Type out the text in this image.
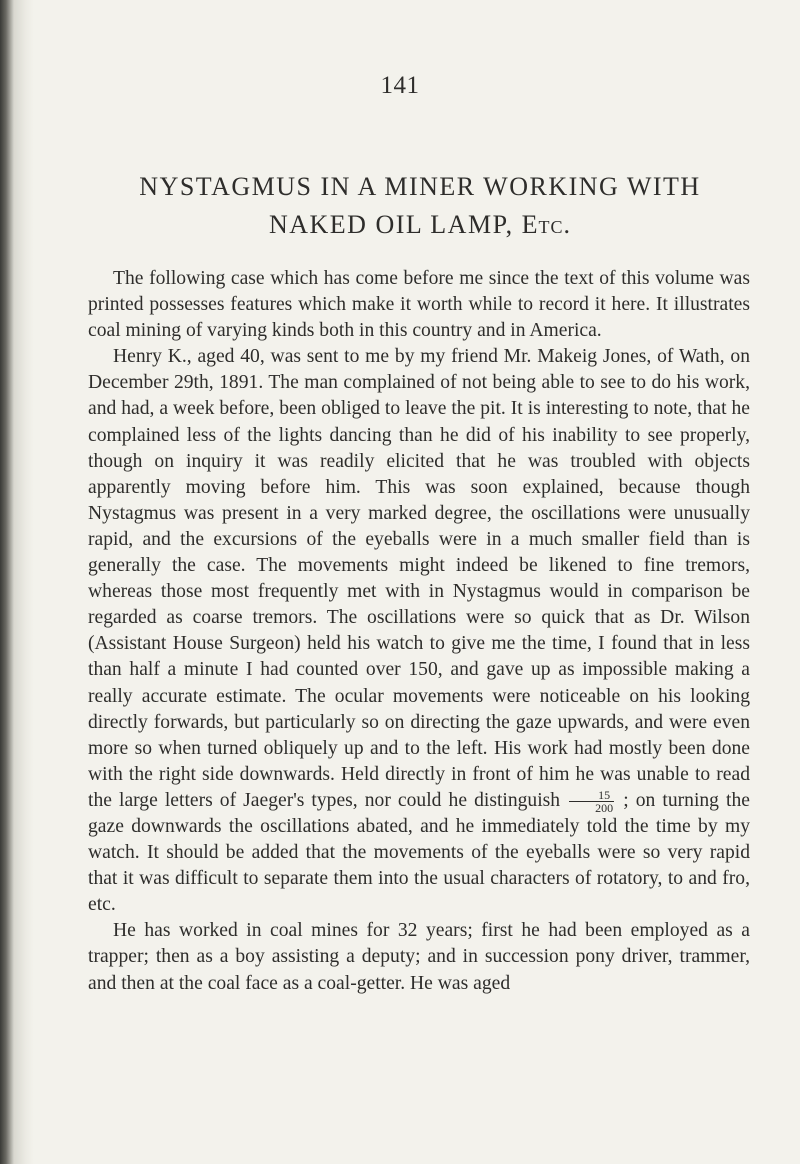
141
NYSTAGMUS IN A MINER WORKING WITH
NAKED OIL LAMP, Etc.

The following case which has come before me since the text of this volume was printed possesses features which make it worth while to record it here. It illustrates coal mining of varying kinds both in this country and in America.

Henry K., aged 40, was sent to me by my friend Mr. Makeig Jones, of Wath, on December 29th, 1891. The man complained of not being able to see to do his work, and had, a week before, been obliged to leave the pit. It is interesting to note, that he complained less of the lights dancing than he did of his inability to see properly, though on inquiry it was readily elicited that he was troubled with objects apparently moving before him. This was soon explained, because though Nystagmus was present in a very marked degree, the oscillations were unusually rapid, and the excursions of the eyeballs were in a much smaller field than is generally the case. The movements might indeed be likened to fine tremors, whereas those most frequently met with in Nystagmus would in comparison be regarded as coarse tremors. The oscillations were so quick that as Dr. Wilson (Assistant House Surgeon) held his watch to give me the time, I found that in less than half a minute I had counted over 150, and gave up as impossible making a really accurate estimate. The ocular movements were noticeable on his looking directly forwards, but particularly so on directing the gaze upwards, and were even more so when turned obliquely up and to the left. His work had mostly been done with the right side downwards. Held directly in front of him he was unable to read the large letters of Jaeger's types, nor could he distinguish $\frac{15}{200}$ ; on turning the gaze downwards the oscillations abated, and he immediately told the time by my watch. It should be added that the movements of the eyeballs were so very rapid that it was difficult to separate them into the usual characters of rotatory, to and fro, etc.

He has worked in coal mines for 32 years; first he had been employed as a trapper; then as a boy assisting a deputy; and in succession pony driver, trammer, and then at the coal face as a coal-getter. He was aged
